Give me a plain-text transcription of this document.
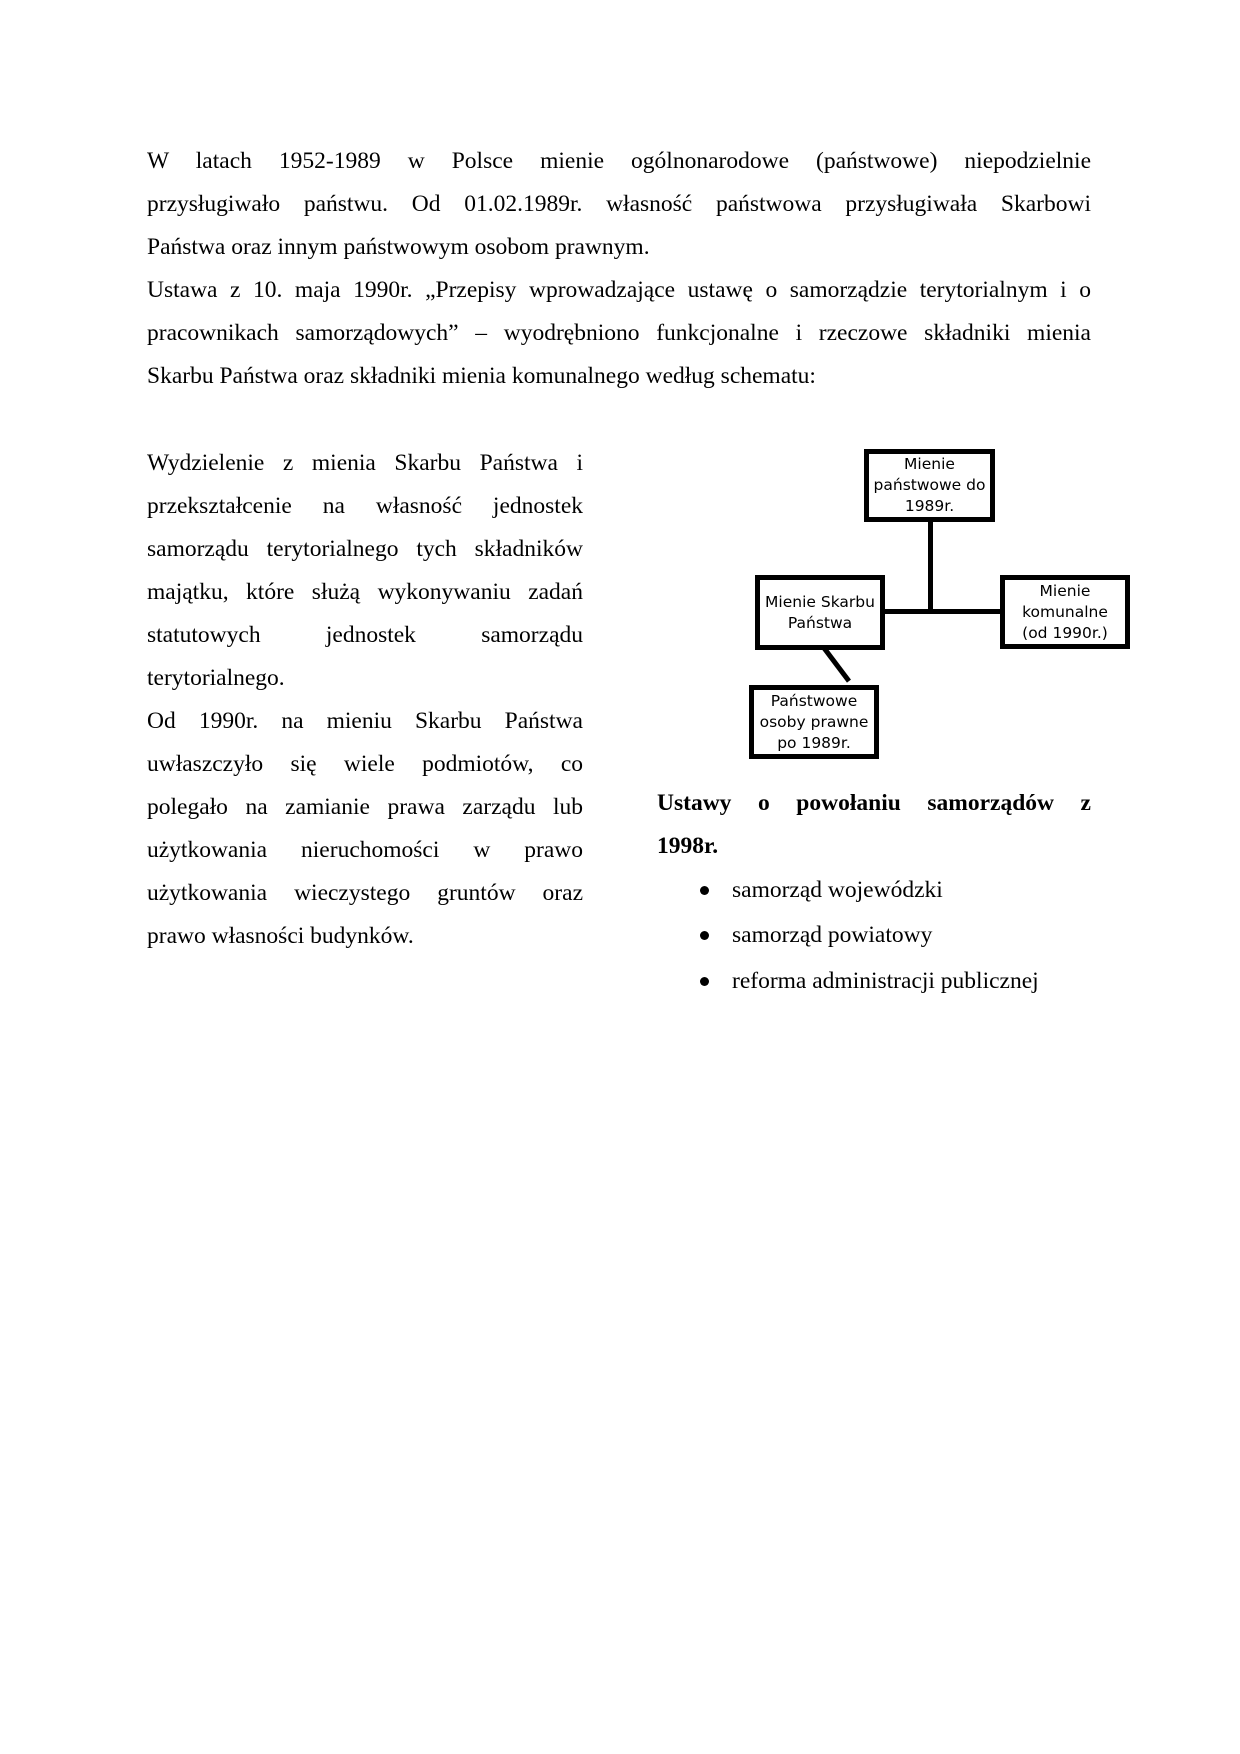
W latach 1952-1989 w Polsce mienie ogólnonarodowe (państwowe) niepodzielnie
przysługiwało państwu. Od 01.02.1989r. własność państwowa przysługiwała Skarbowi
Państwa oraz innym państwowym osobom prawnym.
Ustawa z 10. maja 1990r. „Przepisy wprowadzające ustawę o samorządzie terytorialnym i o
pracownikach samorządowych” – wyodrębniono funkcjonalne i rzeczowe składniki mienia
Skarbu Państwa oraz składniki mienia komunalnego według schematu:
Wydzielenie z mienia Skarbu Państwa i
przekształcenie na własność jednostek
samorządu terytorialnego tych składników
majątku, które służą wykonywaniu zadań
statutowych jednostek samorządu
terytorialnego.
Od 1990r. na mieniu Skarbu Państwa
uwłaszczyło się wiele podmiotów, co
polegało na zamianie prawa zarządu lub
użytkowania nieruchomości w prawo
użytkowania wieczystego gruntów oraz
prawo własności budynków.
Mienie
państwowe do
1989r.
Mienie Skarbu
Państwa
Mienie
komunalne
(od 1990r.)
Państwowe
osoby prawne
po 1989r.
Ustawy o powołaniu samorządów z
1998r.
samorząd wojewódzki
samorząd powiatowy
reforma administracji publicznej
